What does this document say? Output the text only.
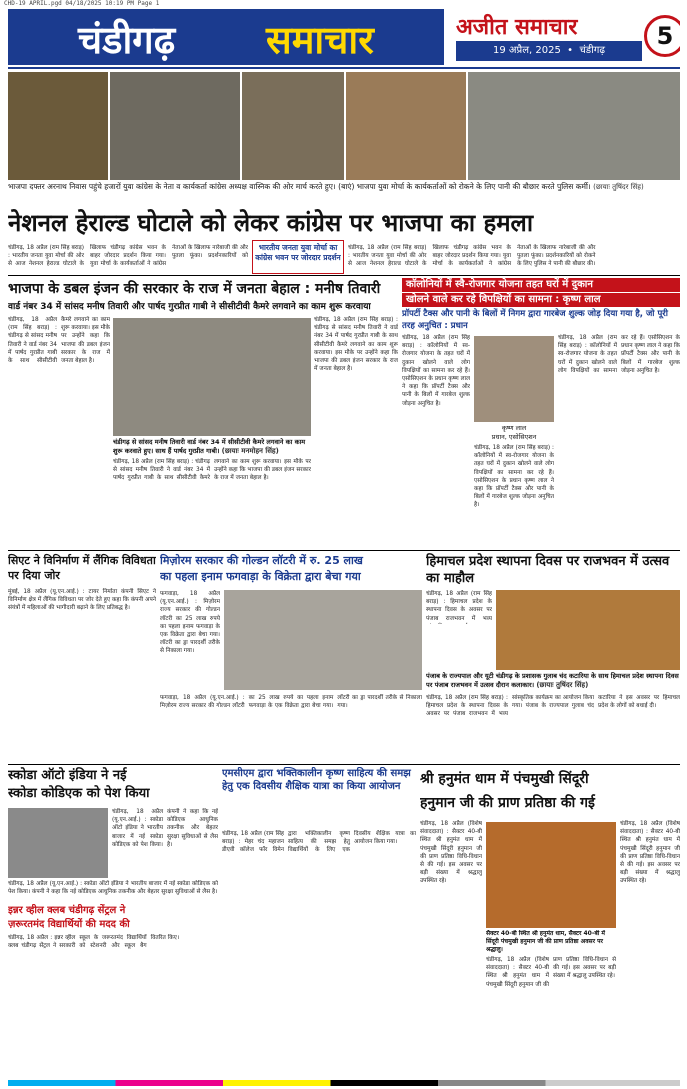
CHD-19 APRIL.pgd 04/18/2025 10:19 PM Page 1
चंडीगढ़ समाचार	अजीत समाचार
19 अप्रैल, 2025  •  चंडीगढ़
5
भाजपा दफ्तर अरनाथ निवास पहुंचे हजारों युवा कांग्रेस के नेता व कार्यकर्ता कांग्रेस अध्यक्ष वास्निक की ओर मार्च करते हुए। (बाएं) भाजपा युवा मोर्चा के कार्यकर्ताओं को रोकने के लिए पानी की बौछार करते पुलिस कर्मी। (छायाः तुषिंदर सिंह)
नेशनल हेराल्ड घोटाले को लेकर कांग्रेस पर भाजपा का हमला
चंडीगढ़, 18 अप्रैल (राम सिंह बराड़) : भारतीय जनता युवा मोर्चा की ओर से आज नेशनल हेराल्ड घोटाले के खिलाफ चंडीगढ़ कांग्रेस भवन के बाहर जोरदार प्रदर्शन किया गया। युवा मोर्चा के कार्यकर्ताओं ने कांग्रेस नेताओं के खिलाफ नारेबाजी की और पुतला फूंका। प्रदर्शनकारियों को
भारतीय जनता युवा मोर्चा का कांग्रेस भवन पर जोरदार प्रदर्शन
चंडीगढ़, 18 अप्रैल (राम सिंह बराड़) : भारतीय जनता युवा मोर्चा की ओर से आज नेशनल हेराल्ड घोटाले के खिलाफ चंडीगढ़ कांग्रेस भवन के बाहर जोरदार प्रदर्शन किया गया। युवा मोर्चा के कार्यकर्ताओं ने कांग्रेस नेताओं के खिलाफ नारेबाजी की और पुतला फूंका। प्रदर्शनकारियों को रोकने के लिए पुलिस ने पानी की बौछार की।
भाजपा के डबल इंजन की सरकार के राज में जनता बेहाल : मनीष तिवारी
वार्ड नंबर 34 में सांसद मनीष तिवारी और पार्षद गुरप्रीत गाबी ने सीसीटीवी कैमरे लगवाने का काम शुरू करवाया
चंडीगढ़, 18 अप्रैल (राम सिंह बराड़) : चंडीगढ़ से सांसद मनीष तिवारी ने वार्ड नंबर 34 में पार्षद गुरप्रीत गाबी के साथ सीसीटीवी कैमरे लगवाने का काम शुरू करवाया। इस मौके पर उन्होंने कहा कि भाजपा की डबल इंजन सरकार के राज में जनता बेहाल है।
चंडीगढ़ से सांसद मनीष तिवारी वार्ड नंबर 34 में सीसीटीवी कैमरे लगवाने का काम शुरू करवाते हुए। साथ हैं पार्षद गुरप्रीत गाबी। (छायाः मनमोहन सिंह)
चंडीगढ़, 18 अप्रैल (राम सिंह बराड़) : चंडीगढ़ से सांसद मनीष तिवारी ने वार्ड नंबर 34 में पार्षद गुरप्रीत गाबी के साथ सीसीटीवी कैमरे लगवाने का काम शुरू करवाया। इस मौके पर उन्होंने कहा कि भाजपा की डबल इंजन सरकार के राज में जनता बेहाल है।
चंडीगढ़, 18 अप्रैल (राम सिंह बराड़) : चंडीगढ़ से सांसद मनीष तिवारी ने वार्ड नंबर 34 में पार्षद गुरप्रीत गाबी के साथ सीसीटीवी कैमरे लगवाने का काम शुरू करवाया। इस मौके पर उन्होंने कहा कि भाजपा की डबल इंजन सरकार के राज में जनता बेहाल है।
कॉलोनियों में स्वै-रोजगार योजना तहत घरों में दुकान
खोलने वाले कर रहे विपक्षियों का सामना : कृष्ण लाल
प्रॉपर्टी टैक्स और पानी के बिलों में निगम द्वारा गारबेज शुल्क जोड़ दिया गया है, जो पूरी तरह अनुचित : प्रधान
चंडीगढ़, 18 अप्रैल (राम सिंह बराड़) : कॉलोनियों में स्व-रोजगार योजना के तहत घरों में दुकान खोलने वाले लोग विपक्षियों का सामना कर रहे हैं। एसोसिएशन के प्रधान कृष्ण लाल ने कहा कि प्रॉपर्टी टैक्स और पानी के बिलों में गारबेज शुल्क जोड़ना अनुचित है।
कृष्ण लाल
प्रधान, एसोसिएशन
चंडीगढ़, 18 अप्रैल (राम सिंह बराड़) : कॉलोनियों में स्व-रोजगार योजना के तहत घरों में दुकान खोलने वाले लोग विपक्षियों का सामना कर रहे हैं। एसोसिएशन के प्रधान कृष्ण लाल ने कहा कि प्रॉपर्टी टैक्स और पानी के बिलों में गारबेज शुल्क जोड़ना अनुचित है।
चंडीगढ़, 18 अप्रैल (राम सिंह बराड़) : कॉलोनियों में स्व-रोजगार योजना के तहत घरों में दुकान खोलने वाले लोग विपक्षियों का सामना कर रहे हैं। एसोसिएशन के प्रधान कृष्ण लाल ने कहा कि प्रॉपर्टी टैक्स और पानी के बिलों में गारबेज शुल्क जोड़ना अनुचित है।
सिएट ने विनिर्माण में लैंगिक विविधता पर दिया जोर
मुंबई, 18 अप्रैल (यू.एन.आई.) : टायर निर्माता कंपनी सिएट ने विनिर्माण क्षेत्र में लैंगिक विविधता पर जोर देते हुए कहा कि कंपनी अपने संयंत्रों में महिलाओं की भागीदारी बढ़ाने के लिए प्रतिबद्ध है।
मिज़ोरम सरकार की गोल्डन लॉटरी में रु. 25 लाख
का पहला इनाम फगवाड़ा के विक्रेता द्वारा बेचा गया
फगवाड़ा, 18 अप्रैल (यू.एन.आई.) : मिज़ोरम राज्य सरकार की गोल्डन लॉटरी का 25 लाख रुपये का पहला इनाम फगवाड़ा के एक विक्रेता द्वारा बेचा गया। लॉटरी का ड्रा पारदर्शी तरीके से निकाला गया।
फगवाड़ा, 18 अप्रैल (यू.एन.आई.) : मिज़ोरम राज्य सरकार की गोल्डन लॉटरी का 25 लाख रुपये का पहला इनाम फगवाड़ा के एक विक्रेता द्वारा बेचा गया। लॉटरी का ड्रा पारदर्शी तरीके से निकाला गया।
हिमाचल प्रदेश स्थापना दिवस पर राजभवन में उत्सव का माहौल
चंडीगढ़, 18 अप्रैल (राम सिंह बराड़) : हिमाचल प्रदेश के स्थापना दिवस के अवसर पर पंजाब राजभवन में भव्य
पंजाब के राज्यपाल और यूटी चंडीगढ़ के प्रशासक गुलाब चंद कटारिया के साथ हिमाचल प्रदेश स्थापना दिवस पर पंजाब राजभवन में उत्सव दौरान कलाकार। (छायाः तुषिंदर सिंह)
चंडीगढ़, 18 अप्रैल (राम सिंह बराड़) : हिमाचल प्रदेश के स्थापना दिवस के अवसर पर पंजाब राजभवन में भव्य सांस्कृतिक कार्यक्रम का आयोजन किया गया। पंजाब के राज्यपाल गुलाब चंद कटारिया ने इस अवसर पर हिमाचल प्रदेश के लोगों को बधाई दी।
स्कोडा ऑटो इंडिया ने नई
स्कोडा कोडिएक को पेश किया
चंडीगढ़, 18 अप्रैल (यू.एन.आई.) : स्कोडा ऑटो इंडिया ने भारतीय बाजार में नई स्कोडा कोडिएक को पेश किया। कंपनी ने कहा कि नई कोडिएक आधुनिक तकनीक और बेहतर सुरक्षा सुविधाओं से लैस है।
चंडीगढ़, 18 अप्रैल (यू.एन.आई.) : स्कोडा ऑटो इंडिया ने भारतीय बाजार में नई स्कोडा कोडिएक को पेश किया। कंपनी ने कहा कि नई कोडिएक आधुनिक तकनीक और बेहतर सुरक्षा सुविधाओं से लैस है।
इन्नर व्हील क्लब चंडीगढ़ सेंट्रल ने
ज़रूरतमंद विद्यार्थियों की मदद की
चंडीगढ़, 18 अप्रैल : इन्नर व्हील क्लब चंडीगढ़ सेंट्रल ने सरकारी स्कूल के जरूरतमंद विद्यार्थियों को स्टेशनरी और स्कूल बैग वितरित किए।
एमसीएम द्वारा भक्तिकालीन कृष्ण साहित्य की समझ हेतु एक दिवसीय शैक्षिक यात्रा का किया आयोजन
चंडीगढ़, 18 अप्रैल (राम सिंह बराड़) : मेहर चंद महाजन डीएवी कॉलेज फॉर विमेन द्वारा भक्तिकालीन कृष्ण साहित्य की समझ हेतु विद्यार्थियों के लिए एक दिवसीय शैक्षिक यात्रा का आयोजन किया गया।
श्री हनुमंत धाम में पंचमुखी सिंदूरी
हनुमान जी की प्राण प्रतिष्ठा की गई
चंडीगढ़, 18 अप्रैल (विशेष संवाददाता) : सैक्टर 40-बी स्थित श्री हनुमंत धाम में पंचमुखी सिंदूरी हनुमान जी की प्राण प्रतिष्ठा विधि-विधान से की गई। इस अवसर पर बड़ी संख्या में श्रद्धालु उपस्थित रहे।
सैक्टर 40-बी स्थित श्री हनुमंत धाम, सैक्टर 40-बी में सिंदूरी पंचमुखी हनुमान जी की प्राण प्रतिष्ठा अवसर पर श्रद्धालु।
चंडीगढ़, 18 अप्रैल (विशेष संवाददाता) : सैक्टर 40-बी स्थित श्री हनुमंत धाम में पंचमुखी सिंदूरी हनुमान जी की प्राण प्रतिष्ठा विधि-विधान से की गई। इस अवसर पर बड़ी संख्या में श्रद्धालु उपस्थित रहे।
चंडीगढ़, 18 अप्रैल (विशेष संवाददाता) : सैक्टर 40-बी स्थित श्री हनुमंत धाम में पंचमुखी सिंदूरी हनुमान जी की प्राण प्रतिष्ठा विधि-विधान से की गई। इस अवसर पर बड़ी संख्या में श्रद्धालु उपस्थित रहे।
